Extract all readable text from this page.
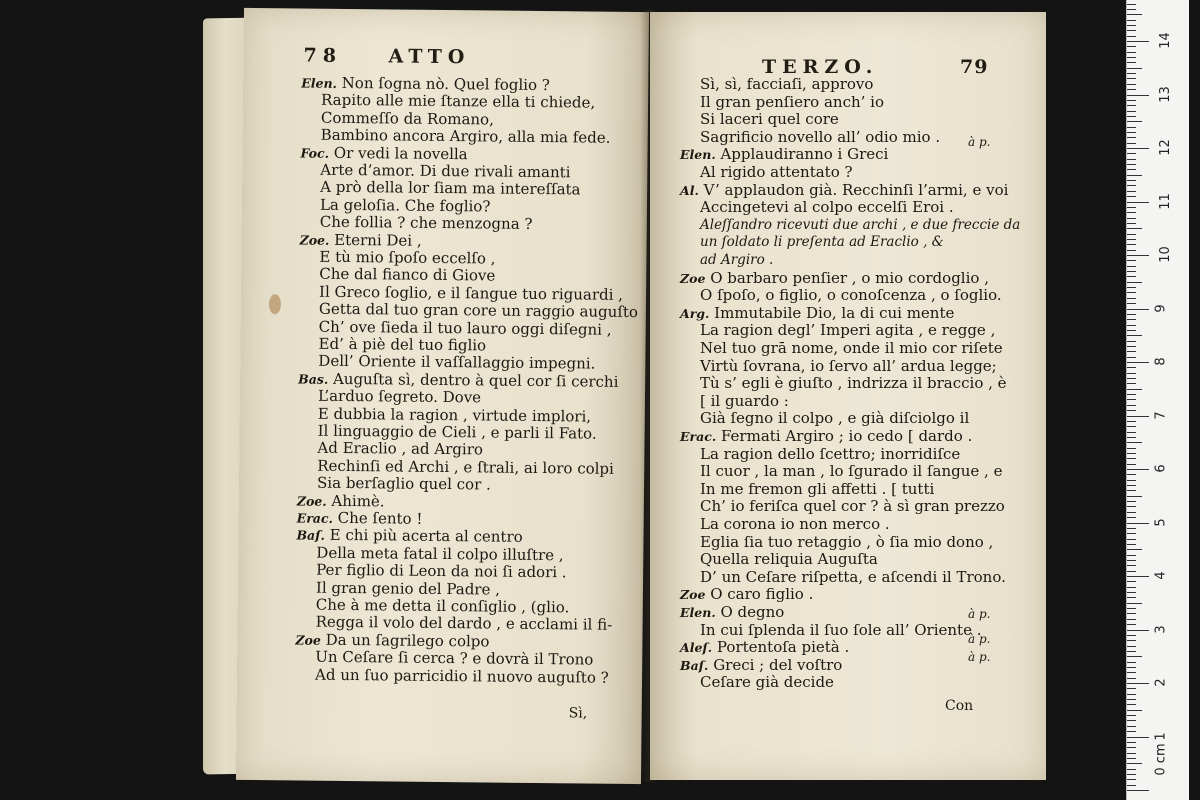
78 ATTO
Elen. Non ſogna nò. Quel foglio ?
Rapito alle mie ſtanze ella ti chiede,
Commeſſo da Romano,
Bambino ancora Argiro, alla mia fede.
Foc. Or vedi la novella
Arte d’amor. Di due rivali amanti
A prò della lor ſiam ma intereſſata
La geloſia. Che foglio?
Che follia ? che menzogna ?
Zoe. Eterni Dei ,
E tù mio ſpoſo eccelſo ,
Che dal fianco di Giove
Il Greco ſoglio, e il ſangue tuo riguardi ,
Getta dal tuo gran core un raggio auguſto
Ch’ ove ſieda il tuo lauro oggi diſegni ,
Ed’ à piè del tuo figlio
Dell’ Oriente il vaſſallaggio impegni.
Bas. Auguſta sì, dentro à quel cor ſi cerchi
L’arduo ſegreto. Dove
E dubbia la ragion , virtude implori,
Il linguaggio de Cieli , e parli il Fato.
Ad Eraclio , ad Argiro
Rechinſi ed Archi , e ſtrali, ai loro colpi
Sia berſaglio quel cor .
Zoe. Ahimè.
Erac. Che ſento !
Baſ. E chi più acerta al centro
Della meta fatal il colpo illuſtre ,
Per figlio di Leon da noi ſi adori .
Il gran genio del Padre ,
Che à me detta il conſiglio , (glio.
Regga il volo del dardo , e acclami il fi-
Zoe Da un ſagrilego colpo
Un Ceſare ſi cerca ? e dovrà il Trono
Ad un ſuo parricidio il nuovo auguſto ?
Sì,
TERZO.	79
Sì, sì, facciaſi, approvo
Il gran penſiero anch’ io
Si laceri quel core
Sagrificio novello all’ odio mio .
Elen. Applaudiranno i Greci
Al rigido attentato ?
Al. V’ applaudon già. Recchinſi l’armi, e voi
Accingetevi al colpo eccelſi Eroi .
Aleſſandro ricevuti due archi , e due freccie da
un ſoldato li preſenta ad Eraclio , &
ad Argiro .
Zoe O barbaro penſier , o mio cordoglio ,
O ſpoſo, o figlio, o conoſcenza , o ſoglio.
Arg. Immutabile Dio, la di cui mente
La ragion degl’ Imperi agita , e regge ,
Nel tuo grā nome, onde il mio cor riſete
Virtù ſovrana, io ſervo all’ ardua legge;
Tù s’ egli è giuſto , indrizza il braccio , è
[ il guardo :
Già ſegno il colpo , e già diſciolgo il
Erac. Fermati Argiro ; io cedo [ dardo .
La ragion dello ſcettro; inorridiſce
Il cuor , la man , lo ſgurado il ſangue , e
In me fremon gli affetti . [ tutti
Ch’ io feriſca quel cor ? à sì gran prezzo
La corona io non merco .
Eglia ſia tuo retaggio , ò ſia mio dono ,
Quella reliquia Auguſta
D’ un Ceſare riſpetta, e aſcendi il Trono.
Zoe O caro figlio .
Elen. O degno
In cui ſplenda il ſuo ſole all’ Oriente .
Aleſ. Portentoſa pietà .
Baſ. Greci ; del voſtro
Ceſare già decide
à p.
à p.
à p.
à p.
Con
0 cm
1
2
3
4
5
6
7
8
9
10
11
12
13
14
